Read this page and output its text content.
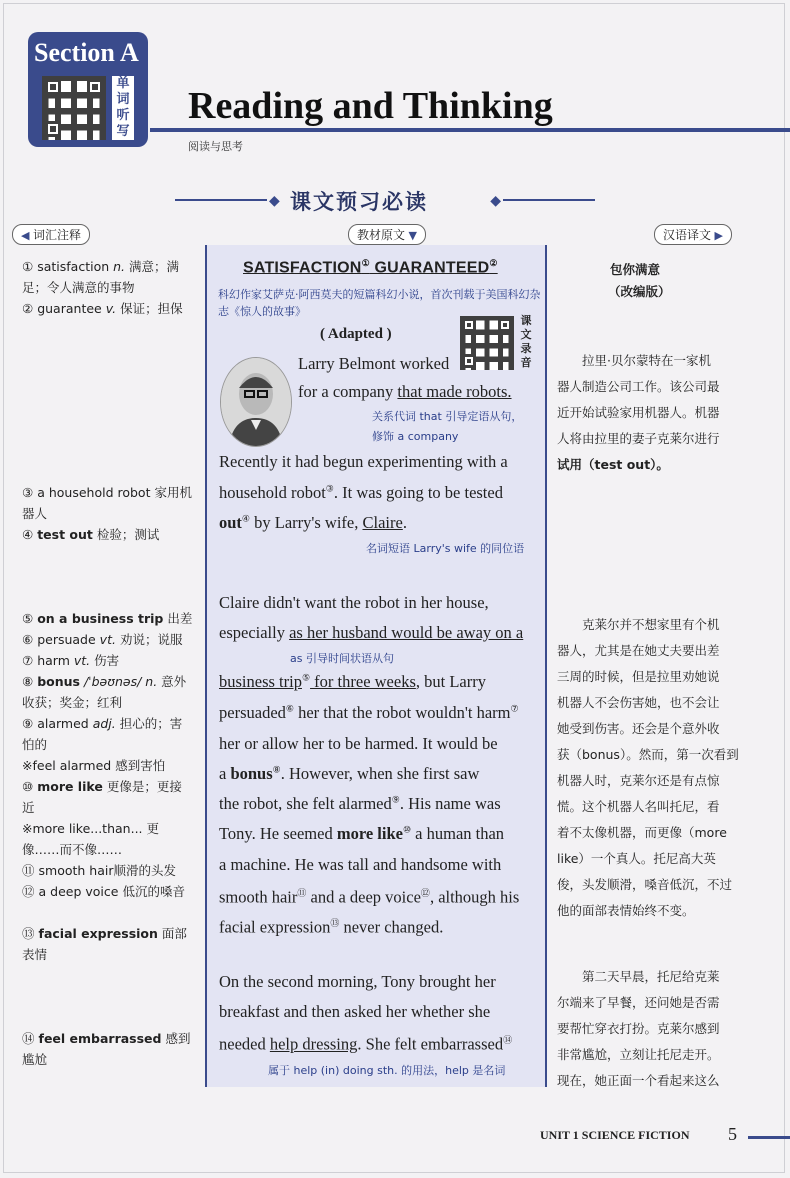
Section A
单词听写
Reading and Thinking
阅读与思考
◆ 课文预习必读	◆
◀ 词汇注释	教材原文 ▼	汉语译文 ▶
① satisfaction n. 满意；满足；令人满意的事物
② guarantee v. 保证；担保
③ a household robot 家用机器人
④ test out 检验；测试
⑤ on a business trip 出差
⑥ persuade vt. 劝说；说服
⑦ harm vt. 伤害
⑧ bonus /ˈbəʊnəs/ n. 意外收获；奖金；红利
⑨ alarmed adj. 担心的；害怕的
※feel alarmed 感到害怕
⑩ more like 更像是；更接近
※more like...than... 更像……而不像……
⑪ smooth hair顺滑的头发
⑫ a deep voice 低沉的嗓音
⑬ facial expression 面部表情
⑭ feel embarrassed 感到尴尬
SATISFACTION① GUARANTEED②
科幻作家艾萨克·阿西莫夫的短篇科幻小说，首次刊载于美国科幻杂志《惊人的故事》
( Adapted )
课文录音
Larry Belmont worked
for a company that made robots.
关系代词 that 引导定语从句，
修饰 a company
Recently it had begun experimenting with a
household robot③. It was going to be tested
out④ by Larry's wife, Claire.
名词短语 Larry's wife 的同位语
Claire didn't want the robot in her house,
especially as her husband would be away on a
as 引导时间状语从句
business trip⑤ for three weeks, but Larry
persuaded⑥ her that the robot wouldn't harm⑦
her or allow her to be harmed. It would be
a bonus⑧. However, when she first saw
the robot, she felt alarmed⑨. His name was
Tony. He seemed more like⑩ a human than
a machine. He was tall and handsome with
smooth hair⑪ and a deep voice⑫, although his
facial expression⑬ never changed.
On the second morning, Tony brought her
breakfast and then asked her whether she
needed help dressing. She felt embarrassed⑭
属于 help (in) doing sth. 的用法，help 是名词
包你满意
（改编版）
拉里·贝尔蒙特在一家机
器人制造公司工作。该公司最
近开始试验家用机器人。机器
人将由拉里的妻子克莱尔进行
试用（test out）。
克莱尔并不想家里有个机
器人，尤其是在她丈夫要出差
三周的时候，但是拉里劝她说
机器人不会伤害她，也不会让
她受到伤害。还会是个意外收
获（bonus）。然而，第一次看到
机器人时，克莱尔还是有点惊
慌。这个机器人名叫托尼，看
着不太像机器，而更像（more
like）一个真人。托尼高大英
俊，头发顺滑，嗓音低沉，不过
他的面部表情始终不变。
第二天早晨，托尼给克莱
尔端来了早餐，还问她是否需
要帮忙穿衣打扮。克莱尔感到
非常尴尬，立刻让托尼走开。
现在，她正面一个看起来这么
UNIT 1 SCIENCE FICTION 5
